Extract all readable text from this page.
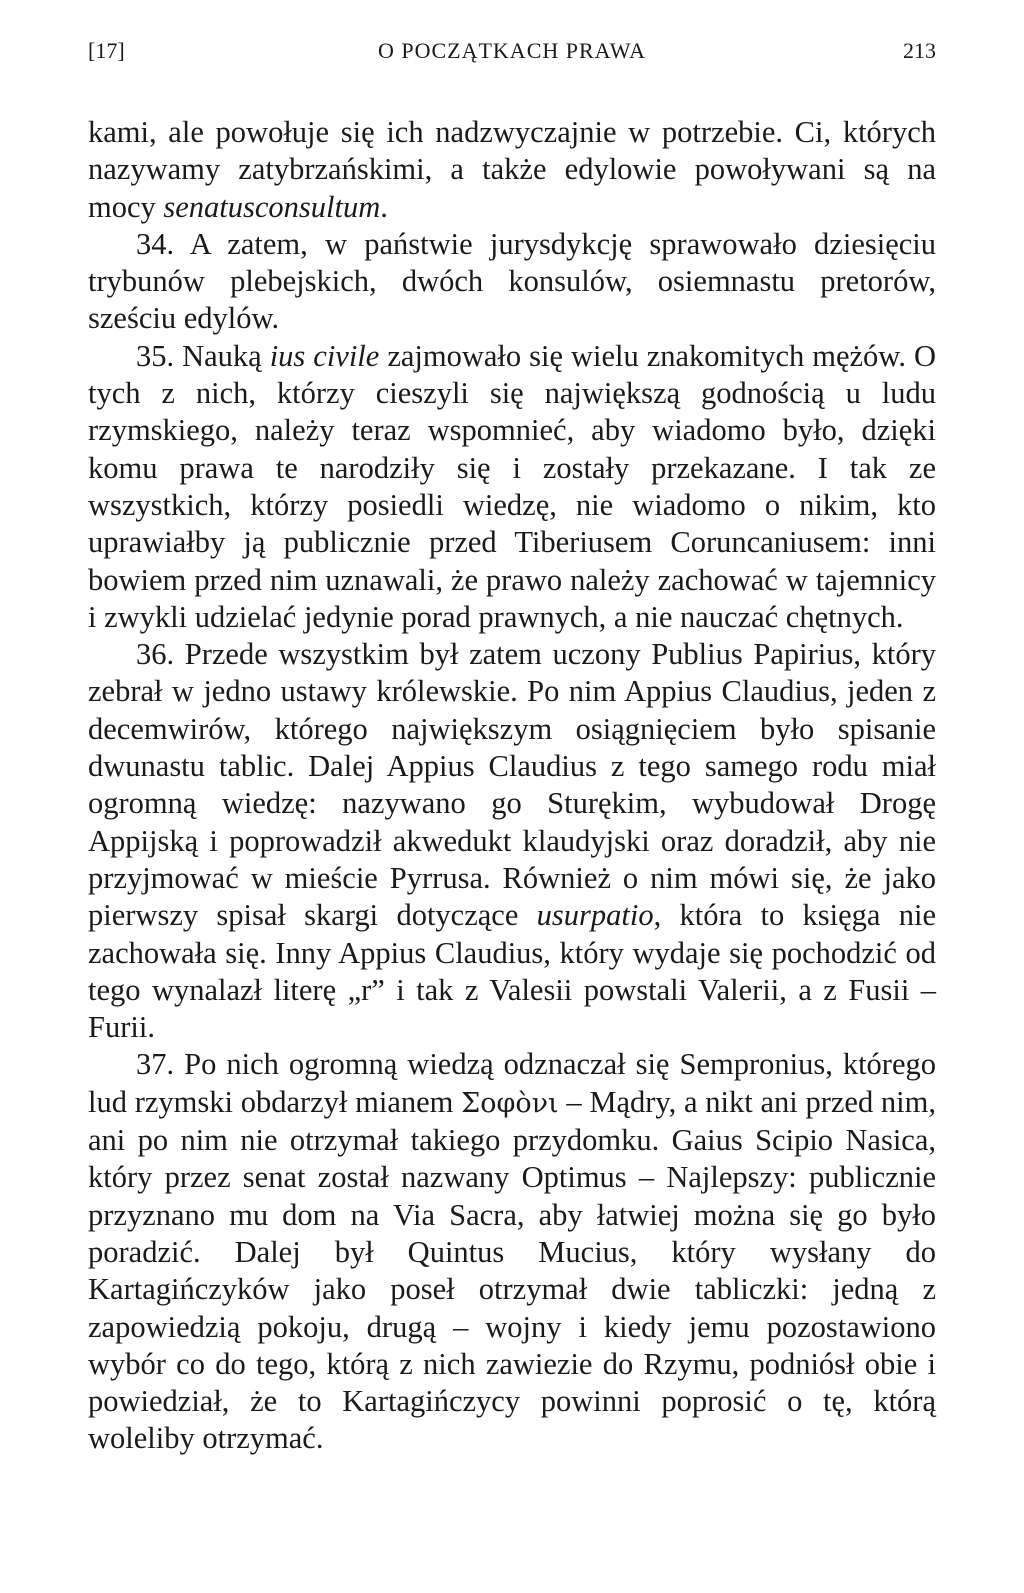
[17]	O POCZĄTKACH PRAWA	213

kami, ale powołuje się ich nadzwyczajnie w potrzebie. Ci, których nazywamy zatybrzańskimi, a także edylowie powoływani są na mocy senatusconsultum.

34. A zatem, w państwie jurysdykcję sprawowało dziesięciu trybunów plebejskich, dwóch konsulów, osiemnastu pretorów, sześciu edylów.

35. Nauką ius civile zajmowało się wielu znakomitych mężów. O tych z nich, którzy cieszyli się największą godnością u ludu rzymskiego, należy teraz wspomnieć, aby wiadomo było, dzięki komu prawa te narodziły się i zostały przekazane. I tak ze wszystkich, którzy posiedli wiedzę, nie wiadomo o nikim, kto uprawiałby ją publicznie przed Tiberiusem Coruncaniusem: inni bowiem przed nim uznawali, że prawo należy zachować w tajemnicy i zwykli udzielać jedynie porad prawnych, a nie nauczać chętnych.

36. Przede wszystkim był zatem uczony Publius Papirius, który zebrał w jedno ustawy królewskie. Po nim Appius Claudius, jeden z decemwirów, którego największym osiągnięciem było spisanie dwunastu tablic. Dalej Appius Claudius z tego samego rodu miał ogromną wiedzę: nazywano go Sturękim, wybudował Drogę Appijską i poprowadził akwedukt klaudyjski oraz doradził, aby nie przyjmować w mieście Pyrrusa. Również o nim mówi się, że jako pierwszy spisał skargi dotyczące usurpatio, która to księga nie zachowała się. Inny Appius Claudius, który wydaje się pochodzić od tego wynalazł literę „r” i tak z Valesii powstali Valerii, a z Fusii – Furii.

37. Po nich ogromną wiedzą odznaczał się Sempronius, którego lud rzymski obdarzył mianem Σοφὸνι – Mądry, a nikt ani przed nim, ani po nim nie otrzymał takiego przydomku. Gaius Scipio Nasica, który przez senat został nazwany Optimus – Najlepszy: publicznie przyznano mu dom na Via Sacra, aby łatwiej można się go było poradzić. Dalej był Quintus Mucius, który wysłany do Kartagińczyków jako poseł otrzymał dwie tabliczki: jedną z zapowiedzią pokoju, drugą – wojny i kiedy jemu pozostawiono wybór co do tego, którą z nich zawiezie do Rzymu, podniósł obie i powiedział, że to Kartagińczycy powinni poprosić o tę, którą woleliby otrzymać.
